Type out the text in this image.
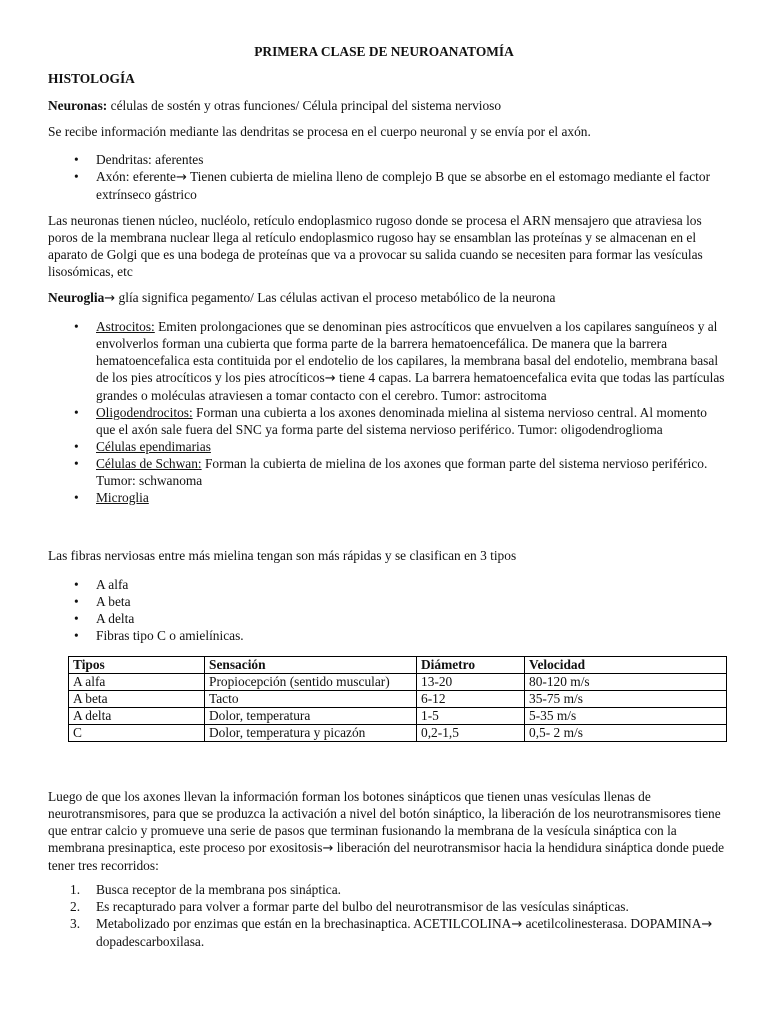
PRIMERA CLASE DE NEUROANATOMÍA
HISTOLOGÍA
Neuronas: células de sostén y otras funciones/ Célula principal del sistema nervioso
Se recibe información mediante las dendritas se procesa en el cuerpo neuronal y se envía por el axón.
• Dendritas: aferentes
• Axón: eferente→ Tienen cubierta de mielina lleno de complejo B que se absorbe en el estomago mediante el factor extrínseco gástrico
Las neuronas tienen núcleo, nucléolo, retículo endoplasmico rugoso donde se procesa el ARN mensajero que atraviesa los poros de la membrana nuclear llega al retículo endoplasmico rugoso hay se ensamblan las proteínas y se almacenan en el aparato de Golgi que es una bodega de proteínas que va a provocar su salida cuando se necesiten para formar las vesículas lisosómicas, etc
Neuroglia→ glía significa pegamento/ Las células activan el proceso metabólico de la neurona
• Astrocitos: Emiten prolongaciones que se denominan pies astrocíticos que envuelven a los capilares sanguíneos y al envolverlos forman una cubierta que forma parte de la barrera hematoencefálica. De manera que la barrera hematoencefalica esta contituida por el endotelio de los capilares, la membrana basal del endotelio, membrana basal de los pies atrocíticos y los pies atrocíticos→ tiene 4 capas. La barrera hematoencefalica evita que todas las partículas grandes o moléculas atraviesen a tomar contacto con el cerebro. Tumor: astrocitoma
• Oligodendrocitos: Forman una cubierta a los axones denominada mielina al sistema nervioso central. Al momento que el axón sale fuera del SNC ya forma parte del sistema nervioso periférico. Tumor: oligodendroglioma
• Células ependimarias
• Células de Schwan: Forman la cubierta de mielina de los axones que forman parte del sistema nervioso periférico. Tumor: schwanoma
• Microglia
Las fibras nerviosas entre más mielina tengan son más rápidas y se clasifican en 3 tipos
• A alfa
• A beta
• A delta
• Fibras tipo C o amielínicas.
Tipos	Sensación	Diámetro	Velocidad
A alfa	Propiocepción (sentido muscular)	13-20	80-120 m/s
A beta	Tacto	6-12	35-75 m/s
A delta	Dolor, temperatura	1-5	5-35 m/s
C	Dolor, temperatura y picazón	0,2-1,5	0,5- 2 m/s
Luego de que los axones llevan la información forman los botones sinápticos que tienen unas vesículas llenas de neurotransmisores, para que se produzca la activación a nivel del botón sináptico, la liberación de los neurotransmisores tiene que entrar calcio y promueve una serie de pasos que terminan fusionando la membrana de la vesícula sináptica con la membrana presinaptica, este proceso por exositosis→ liberación del neurotransmisor hacia la hendidura sináptica donde puede tener tres recorridos:
1. Busca receptor de la membrana pos sináptica.
2. Es recapturado para volver a formar parte del bulbo del neurotransmisor de las vesículas sinápticas.
3. Metabolizado por enzimas que están en la brechasinaptica. ACETILCOLINA→ acetilcolinesterasa. DOPAMINA→ dopadescarboxilasa.
